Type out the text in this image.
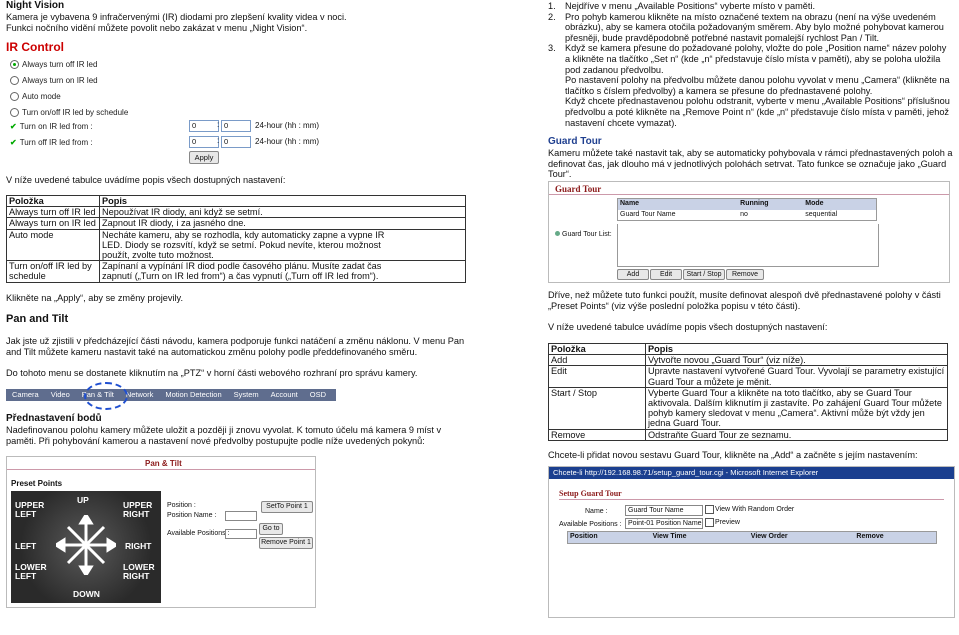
Night Vision
Kamera je vybavena 9 infračervenými (IR) diodami pro zlepšení kvality videa v noci.
Funkci nočního vidění můžete povolit nebo zakázat v menu „Night Vision“.
IR Control
Always turn off IR led
Always turn on IR led
Auto mode
Turn on/off IR led by schedule
✔ Turn on IR led from :
✔ Turn off IR led from :
0	: 0	24-hour (hh : mm)
0	: 0	24-hour (hh : mm)
Apply
V níže uvedené tabulce uvádíme popis všech dostupných nastavení:
Položka	Popis
Always turn off IR led	Nepoužívat IR diody, ani když se setmí.
Always turn on IR led	Zapnout IR diody, i za jasného dne.
Auto mode	Necháte kameru, aby se rozhodla, kdy automaticky zapne a vypne IR LED. Diody se rozsvítí, když se setmí. Pokud nevíte, kterou možnost použít, zvolte tuto možnost.
Turn on/off IR led by schedule	Zapínaní a vypínání IR diod podle časového plánu. Musíte zadat čas zapnutí („Turn on IR led from“) a čas vypnutí („Turn off IR led from“).
Klikněte na „Apply“, aby se změny projevily.
Pan and Tilt
Jak jste už zjistili v předcházející části návodu, kamera podporuje funkci natáčení a změnu náklonu. V menu Pan and Tilt můžete kameru nastavit také na automatickou změnu polohy podle předdefinovaného směru.
Do tohoto menu se dostanete kliknutím na „PTZ“ v horní části webového rozhraní pro správu kamery.
Camera Video Pan & Tilt Network Motion Detection System Account OSD
Přednastavení bodů
Nadefinovanou polohu kamery můžete uložit a později ji znovu vyvolat. K tomuto účelu má kamera 9 míst v paměti. Při pohybování kamerou a nastavení nové předvolby postupujte podle níže uvedených pokynů:
Pan & Tilt
Preset Points
UP
UPPER LEFT
UPPER RIGHT
LEFT	RIGHT
LOWER LEFT
LOWER RIGHT
DOWN
Position :
Position Name :
SetTo Point 1
Available Positions :
Go to
Remove Point 1
1.	Nejdříve v menu „Available Positions“ vyberte místo v paměti.
2.	Pro pohyb kamerou klikněte na místo označené textem na obrazu (není na výše uvedeném obrázku), aby se kamera otočila požadovaným směrem. Aby bylo možné pohybovat kamerou přesněji, bude pravděpodobně potřebné nastavit pomalejší rychlost Pan / Tilt.
3.	Když se kamera přesune do požadované polohy, vložte do pole „Position name“ název polohy a klikněte na tlačítko „Set n“ (kde „n“ představuje číslo místa v paměti), aby se poloha uložila pod zadanou předvolbu.
Po nastavení polohy na předvolbu můžete danou polohu vyvolat v menu „Camera“ (klikněte na tlačítko s číslem předvolby) a kamera se přesune do přednastavené polohy.
Když chcete přednastavenou polohu odstranit, vyberte v menu „Available Positions“ příslušnou předvolbu a poté klikněte na „Remove Point n“ (kde „n“ představuje číslo místa v paměti, jehož nastavení chcete vymazat).
Guard Tour
Kameru můžete také nastavit tak, aby se automaticky pohybovala v rámci přednastavených poloh a definovat čas, jak dlouho má v jednotlivých polohách setrvat. Tato funkce se označuje jako „Guard Tour“.
Guard Tour
Name	Running	Mode
Guard Tour Name	no	sequential
Guard Tour List:
Add	Edit	Start / Stop	Remove
Dříve, než můžete tuto funkci použít, musíte definovat alespoň dvě přednastavené polohy v části „Preset Points“ (viz výše poslední položka popisu v této části).
V níže uvedené tabulce uvádíme popis všech dostupných nastavení:
Položka	Popis
Add	Vytvořte novou „Guard Tour“ (viz níže).
Edit	Upravte nastavení vytvořené Guard Tour. Vyvolají se parametry existující Guard Tour a můžete je měnit.
Start / Stop	Vyberte Guard Tour a klikněte na toto tlačítko, aby se Guard Tour aktivovala. Dalším kliknutím ji zastavíte. Po zahájení Guard Tour můžete pohyb kamery sledovat v menu „Camera“. Aktivní může být vždy jen jedna Guard Tour.
Remove	Odstraňte Guard Tour ze seznamu.
Chcete-li přidat novou sestavu Guard Tour, klikněte na „Add“ a začněte s jejím nastavením:
Chcete-li http://192.168.98.71/setup_guard_tour.cgi - Microsoft Internet Explorer
Setup Guard Tour
Name :	Guard Tour Name
Available Positions : Point-01 Position Name
View With Random Order
Preview
Position	View Time	View Order	Remove
